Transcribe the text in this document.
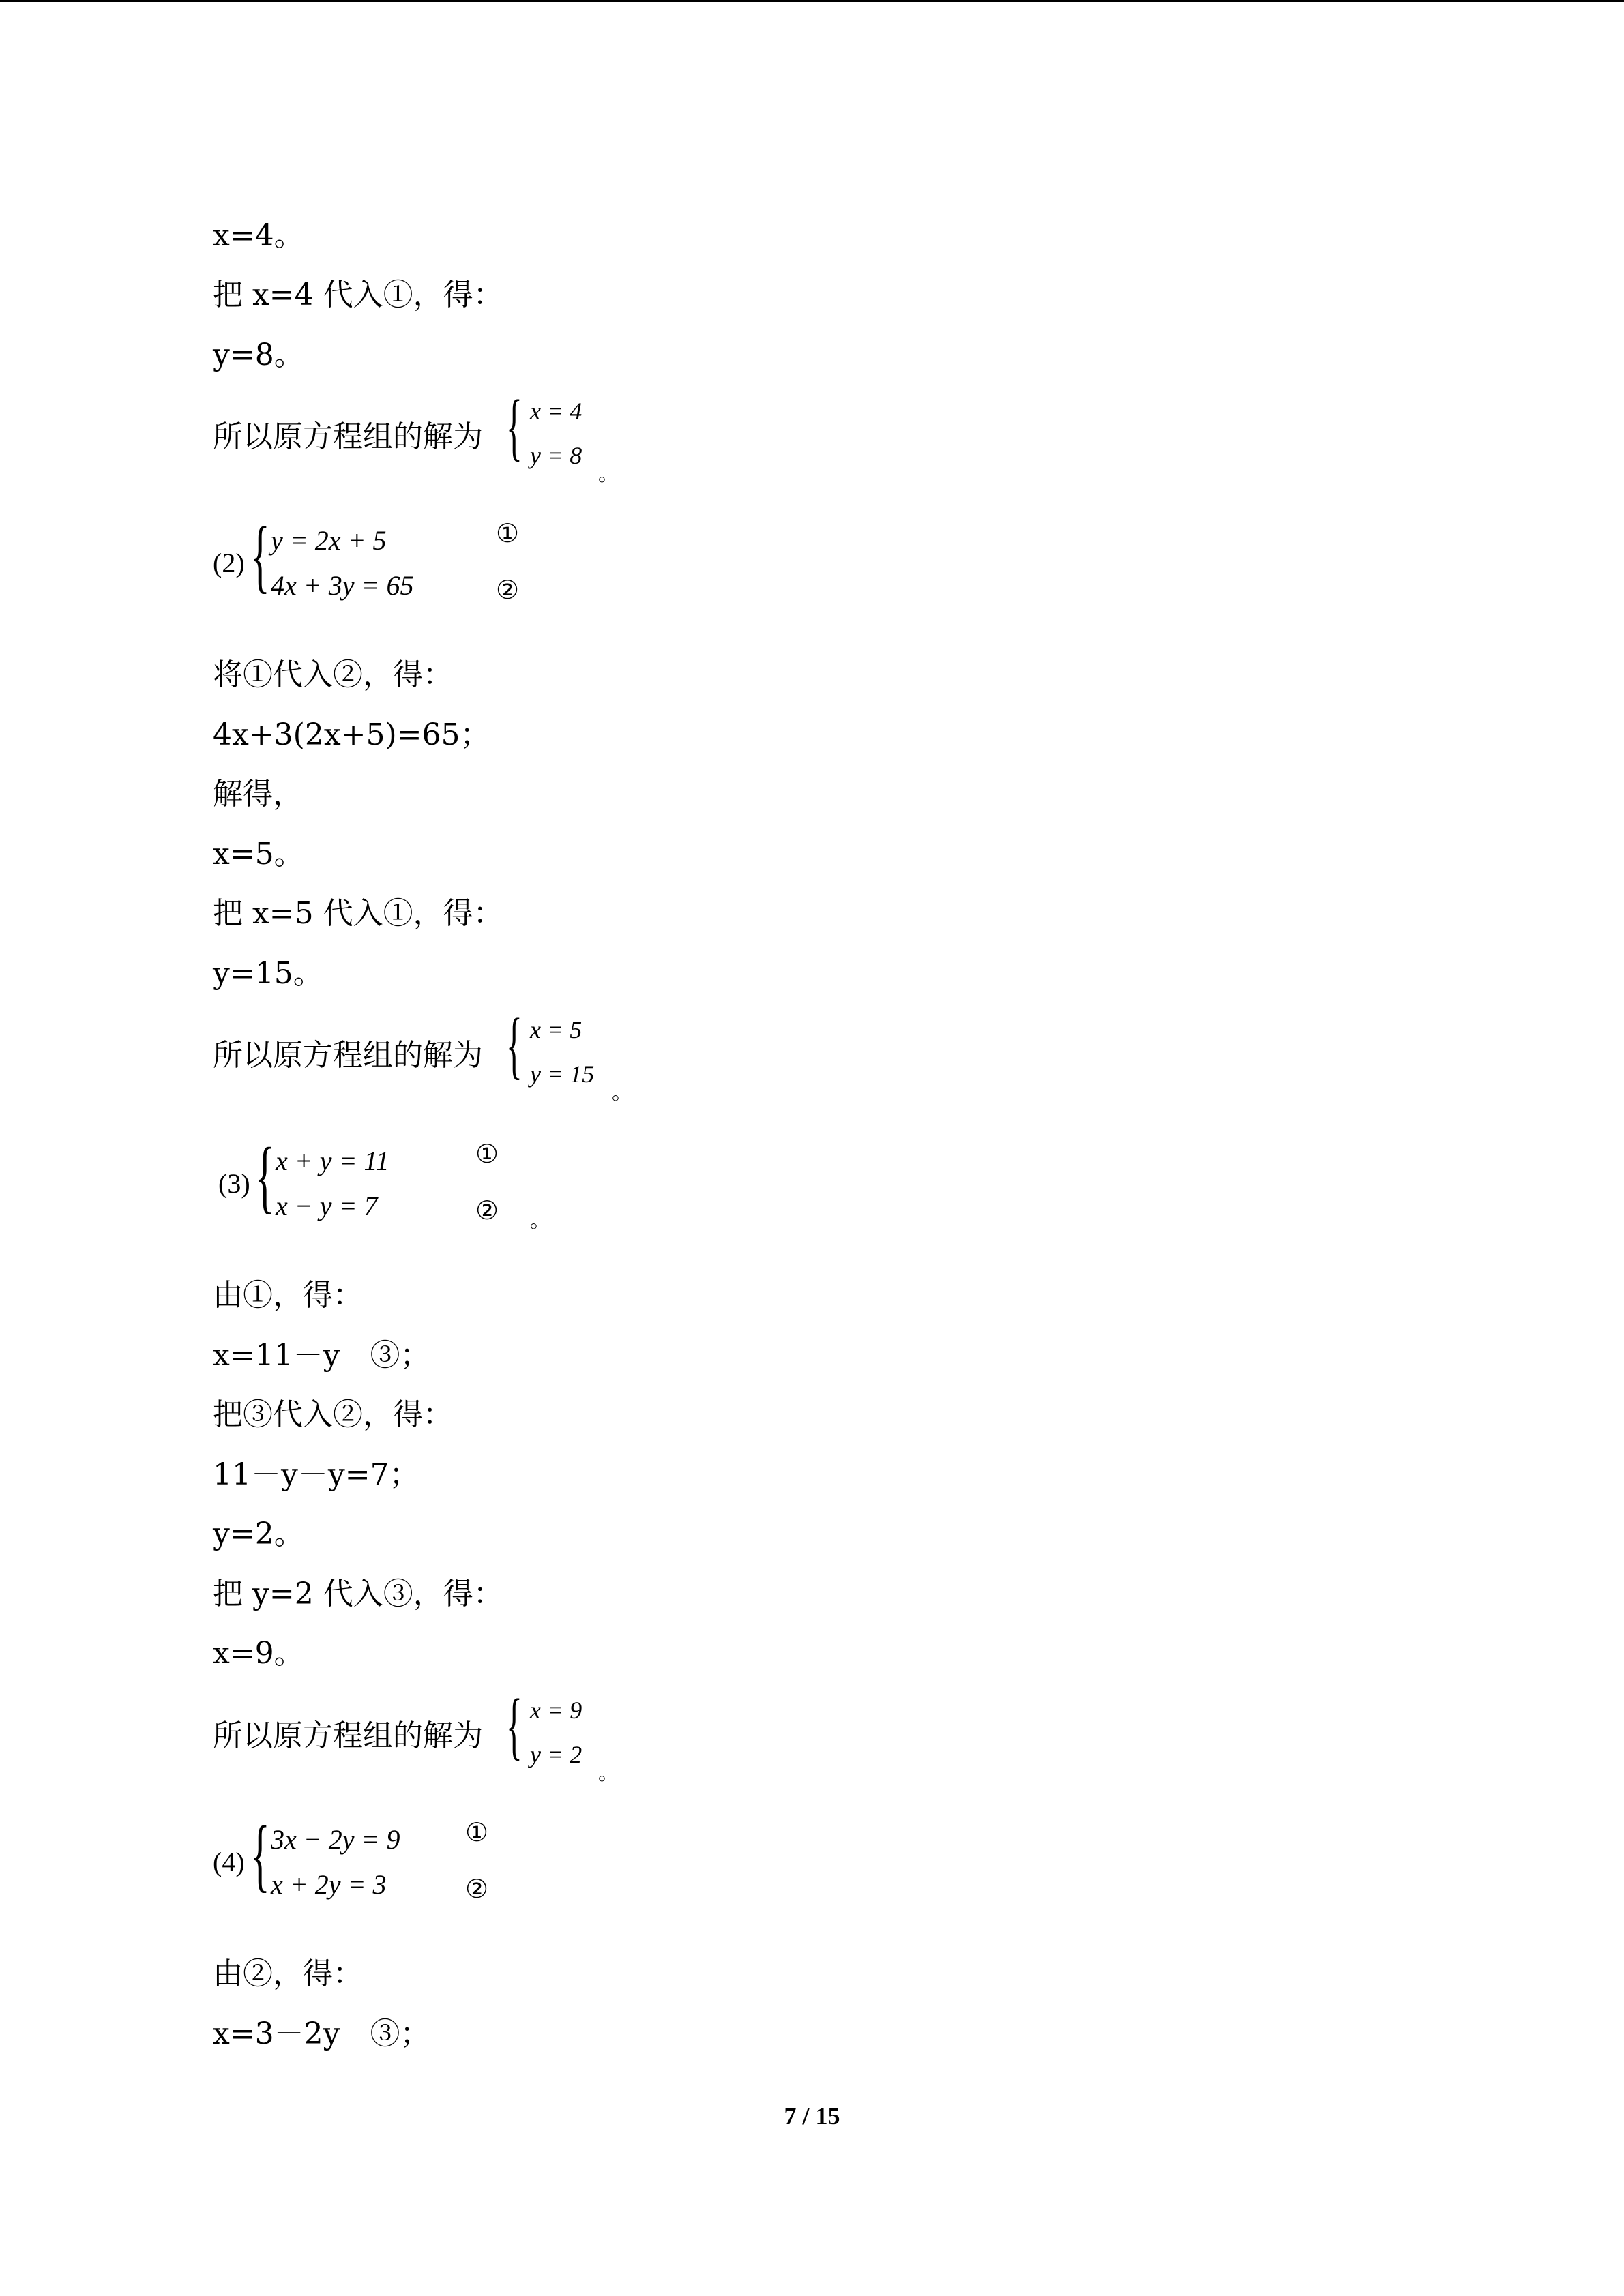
x=4。
把 x=4 代入①，得：
y=8。
所以原方程组的解为 { x = 4
y = 8
。
(2) { y = 2x + 5
4x + 3y = 65
①
②
将①代入②，得：
4x+3(2x+5)=65；
解得，
x=5。
把 x=5 代入①，得：
y=15。
所以原方程组的解为 { x = 5
y = 15
。
(3) { x + y = 11
x − y = 7
①
② 。
由①，得：
x=11－y　③；
把③代入②，得：
11－y－y=7；
y=2。
把 y=2 代入③，得：
x=9。
所以原方程组的解为 { x = 9
y = 2
。
(4) { 3x − 2y = 9
x + 2y = 3
①
②
由②，得：
x=3－2y　③；
7 / 15
